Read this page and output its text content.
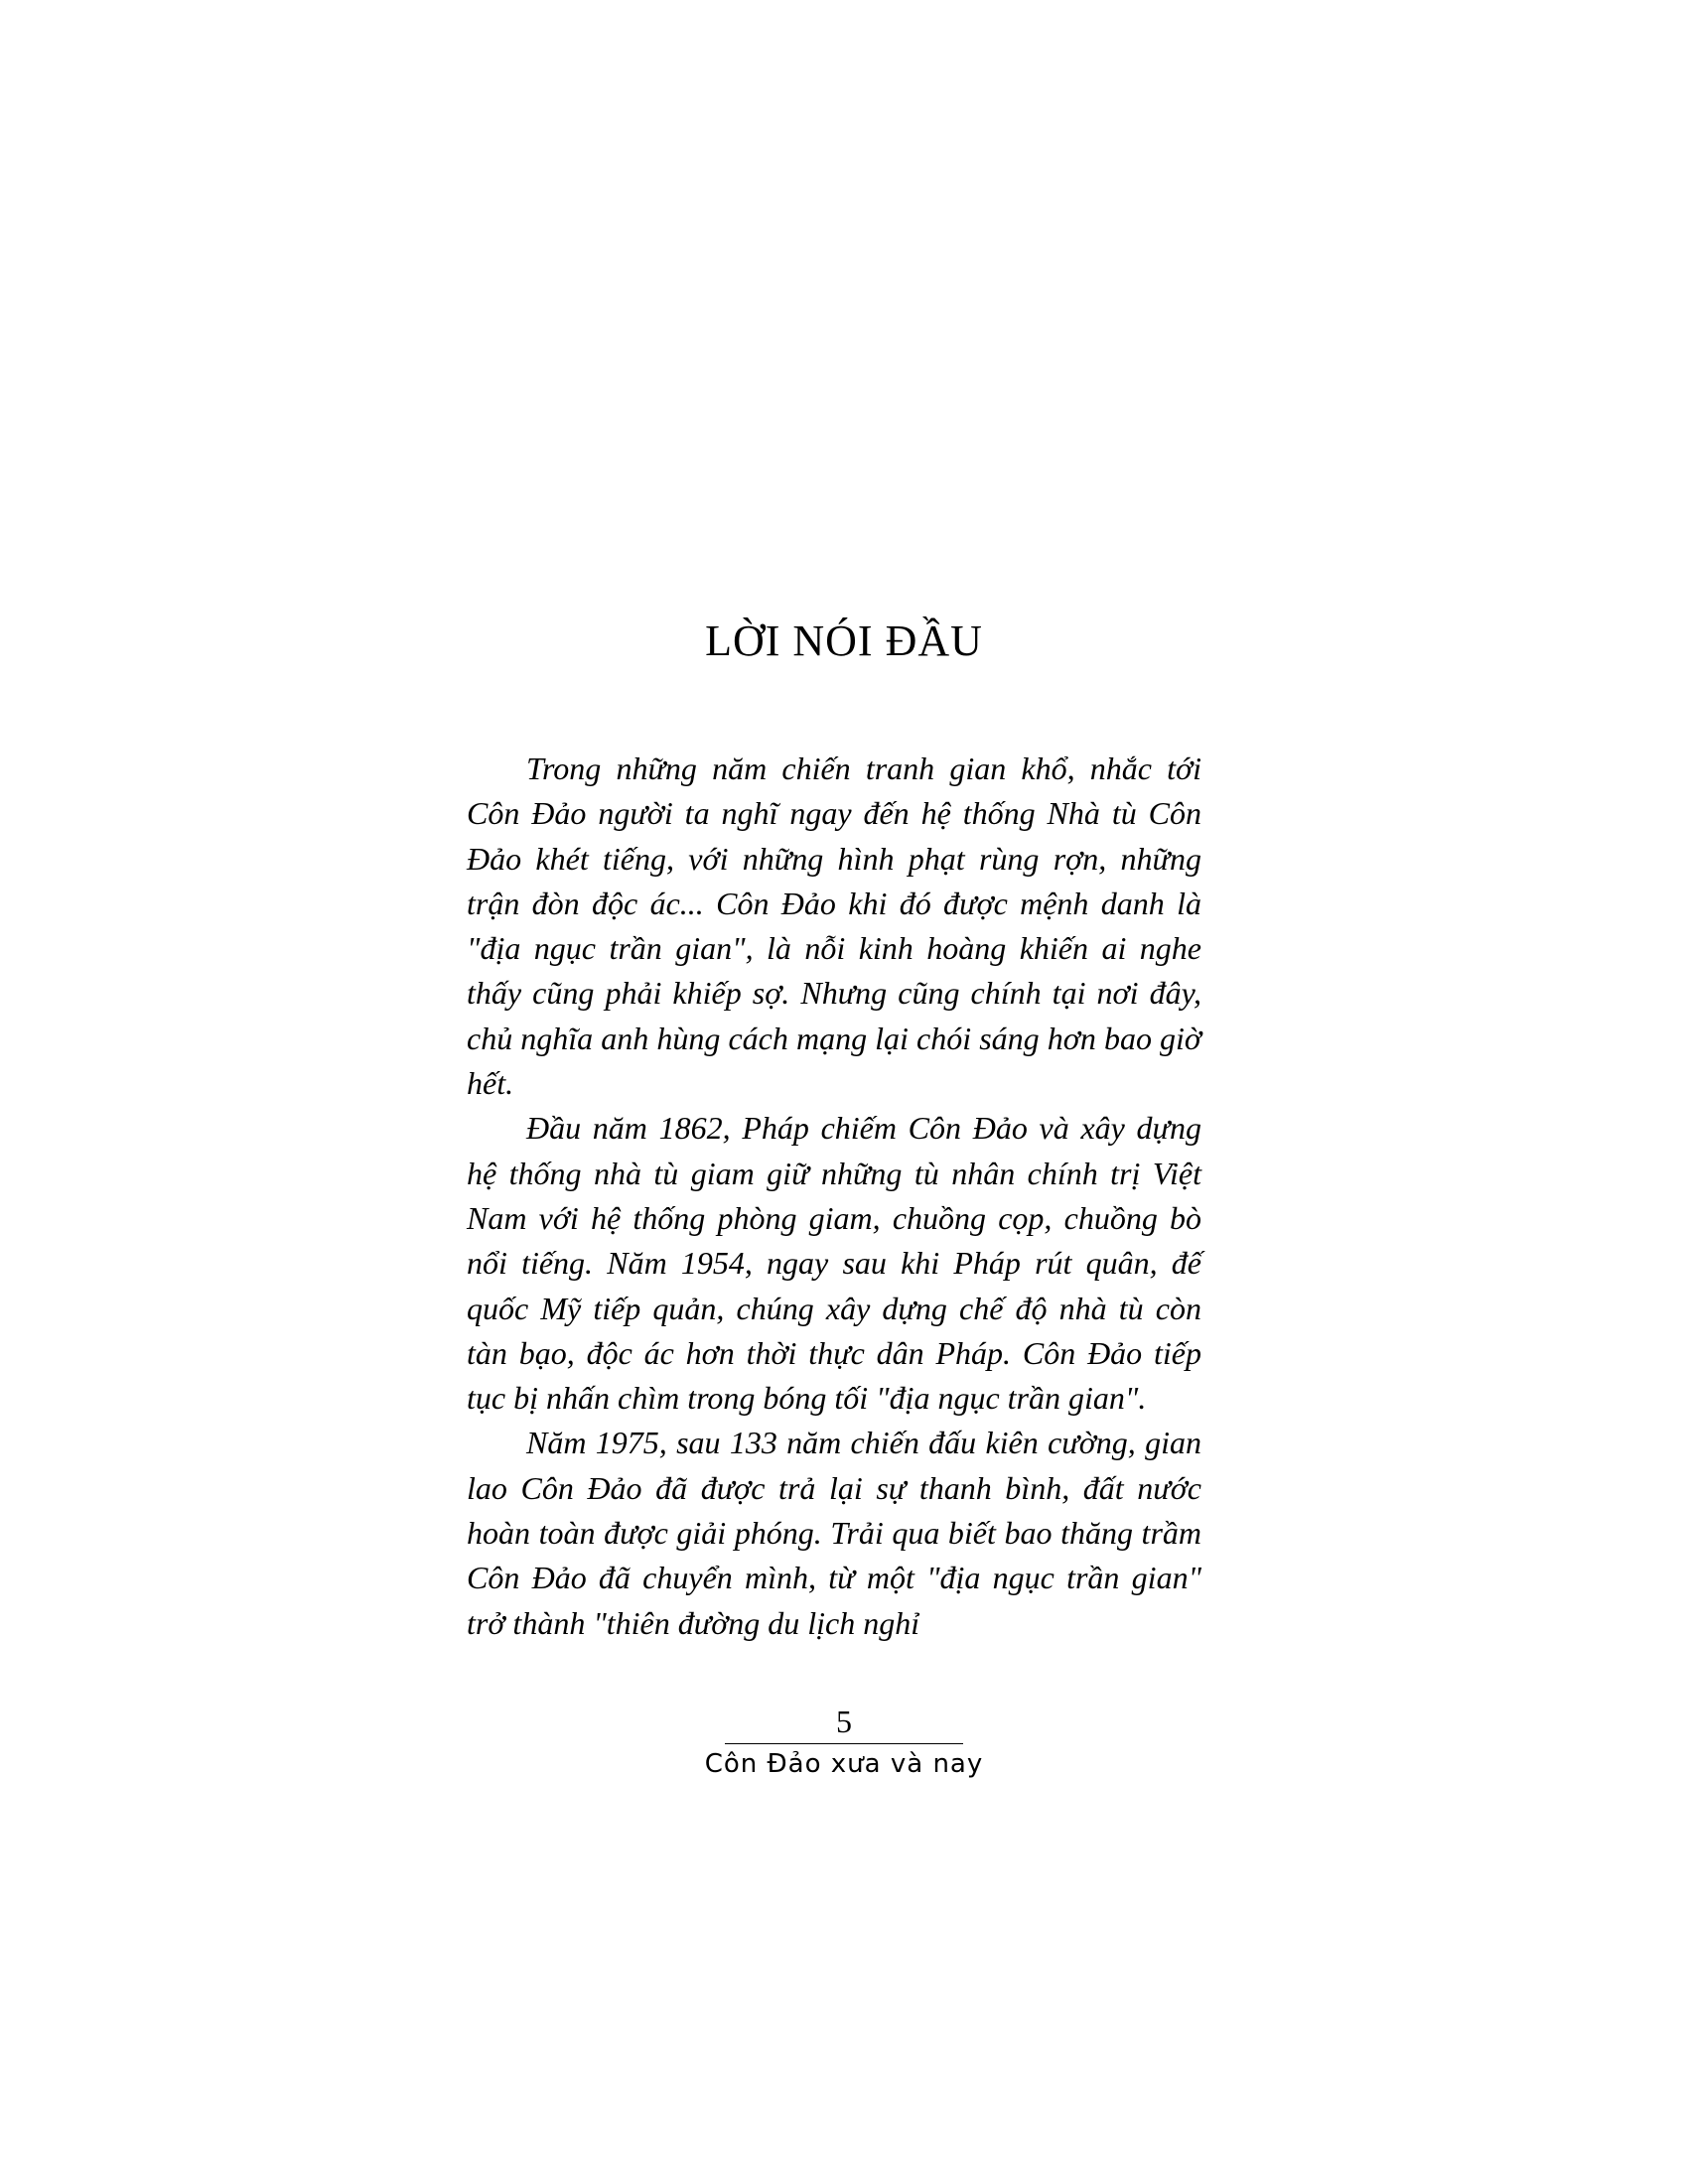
LỜI NÓI ĐẦU

Trong những năm chiến tranh gian khổ, nhắc tới Côn Đảo người ta nghĩ ngay đến hệ thống Nhà tù Côn Đảo khét tiếng, với những hình phạt rùng rợn, những trận đòn độc ác... Côn Đảo khi đó được mệnh danh là "địa ngục trần gian", là nỗi kinh hoàng khiến ai nghe thấy cũng phải khiếp sợ. Nhưng cũng chính tại nơi đây, chủ nghĩa anh hùng cách mạng lại chói sáng hơn bao giờ hết.

Đầu năm 1862, Pháp chiếm Côn Đảo và xây dựng hệ thống nhà tù giam giữ những tù nhân chính trị Việt Nam với hệ thống phòng giam, chuồng cọp, chuồng bò nổi tiếng. Năm 1954, ngay sau khi Pháp rút quân, đế quốc Mỹ tiếp quản, chúng xây dựng chế độ nhà tù còn tàn bạo, độc ác hơn thời thực dân Pháp. Côn Đảo tiếp tục bị nhấn chìm trong bóng tối "địa ngục trần gian".

Năm 1975, sau 133 năm chiến đấu kiên cường, gian lao Côn Đảo đã được trả lại sự thanh bình, đất nước hoàn toàn được giải phóng. Trải qua biết bao thăng trầm Côn Đảo đã chuyển mình, từ một "địa ngục trần gian" trở thành "thiên đường du lịch nghỉ

5
Côn Đảo xưa và nay
